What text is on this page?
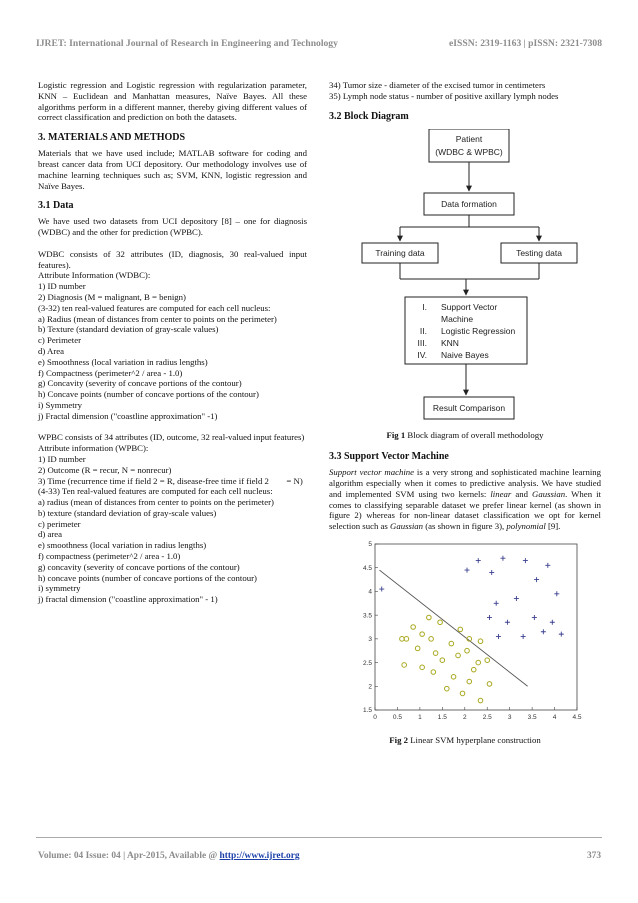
IJRET: International Journal of Research in Engineering and Technology	eISSN: 2319-1163 | pISSN: 2321-7308

Logistic regression and Logistic regression with regularization parameter, KNN – Euclidean and Manhattan measures, Naïve Bayes. All these algorithms perform in a different manner, thereby giving different values of correct classification and prediction on both the datasets.

3. MATERIALS AND METHODS

Materials that we have used include; MATLAB software for coding and breast cancer data from UCI depository. Our methodology involves use of machine learning techniques such as; SVM, KNN, logistic regression and Naïve Bayes.

3.1 Data

We have used two datasets from UCI depository [8] – one for diagnosis (WDBC) and the other for prediction (WPBC).

WDBC consists of 32 attributes (ID, diagnosis, 30 real-valued input features).

Attribute Information (WDBC):

1) ID number

2) Diagnosis (M = malignant, B = benign)

(3-32) ten real-valued features are computed for each cell nucleus:

a) Radius (mean of distances from center to points on the perimeter)

b) Texture (standard deviation of gray-scale values)

c) Perimeter

d) Area

e) Smoothness (local variation in radius lengths)

f) Compactness (perimeter^2 / area - 1.0)

g) Concavity (severity of concave portions of the contour)

h) Concave points (number of concave portions of the contour)

i) Symmetry

j) Fractal dimension ("coastline approximation" -1)

WPBC consists of 34 attributes (ID, outcome, 32 real-valued input features)

Attribute information (WPBC):

1) ID number

2) Outcome (R = recur, N = nonrecur)

3) Time (recurrence time if field 2 = R, disease-free time if field 2        = N)

(4-33) Ten real-valued features are computed for each cell nucleus:

a) radius (mean of distances from center to points on the perimeter)

b) texture (standard deviation of gray-scale values)

c) perimeter

d) area

e) smoothness (local variation in radius lengths)

f) compactness (perimeter^2 / area - 1.0)

g) concavity (severity of concave portions of the contour)

h) concave points (number of concave portions of the contour)

i) symmetry

j) fractal dimension ("coastline approximation" - 1)

34) Tumor size - diameter of the excised tumor in centimeters

35) Lymph node status - number of positive axillary lymph nodes

3.2 Block Diagram
Patient
(WDBC & WPBC)
Data formation
Training data	Testing data
I. Support Vector
Machine
II. Logistic Regression
III. KNN
IV. Naive Bayes
Result Comparison

Fig 1 Block diagram of overall methodology

3.3 Support Vector Machine

Support vector machine is a very strong and sophisticated machine learning algorithm especially when it comes to predictive analysis. We have studied and implemented SVM using two kernels: linear and Gaussian. When it comes to classifying separable dataset we prefer linear kernel (as shown in figure 2) whereas for non-linear dataset classification we opt for kernel selection such as Gaussian (as shown in figure 3), polynomial [9].

0 0.5 1 1.5 2 2.5 3 3.5 4 4.5
1.5
2
2.5
3
3.5
4
4.5
5

Fig 2 Linear SVM hyperplane construction

Volume: 04 Issue: 04 | Apr-2015, Available @ http://www.ijret.org	373
